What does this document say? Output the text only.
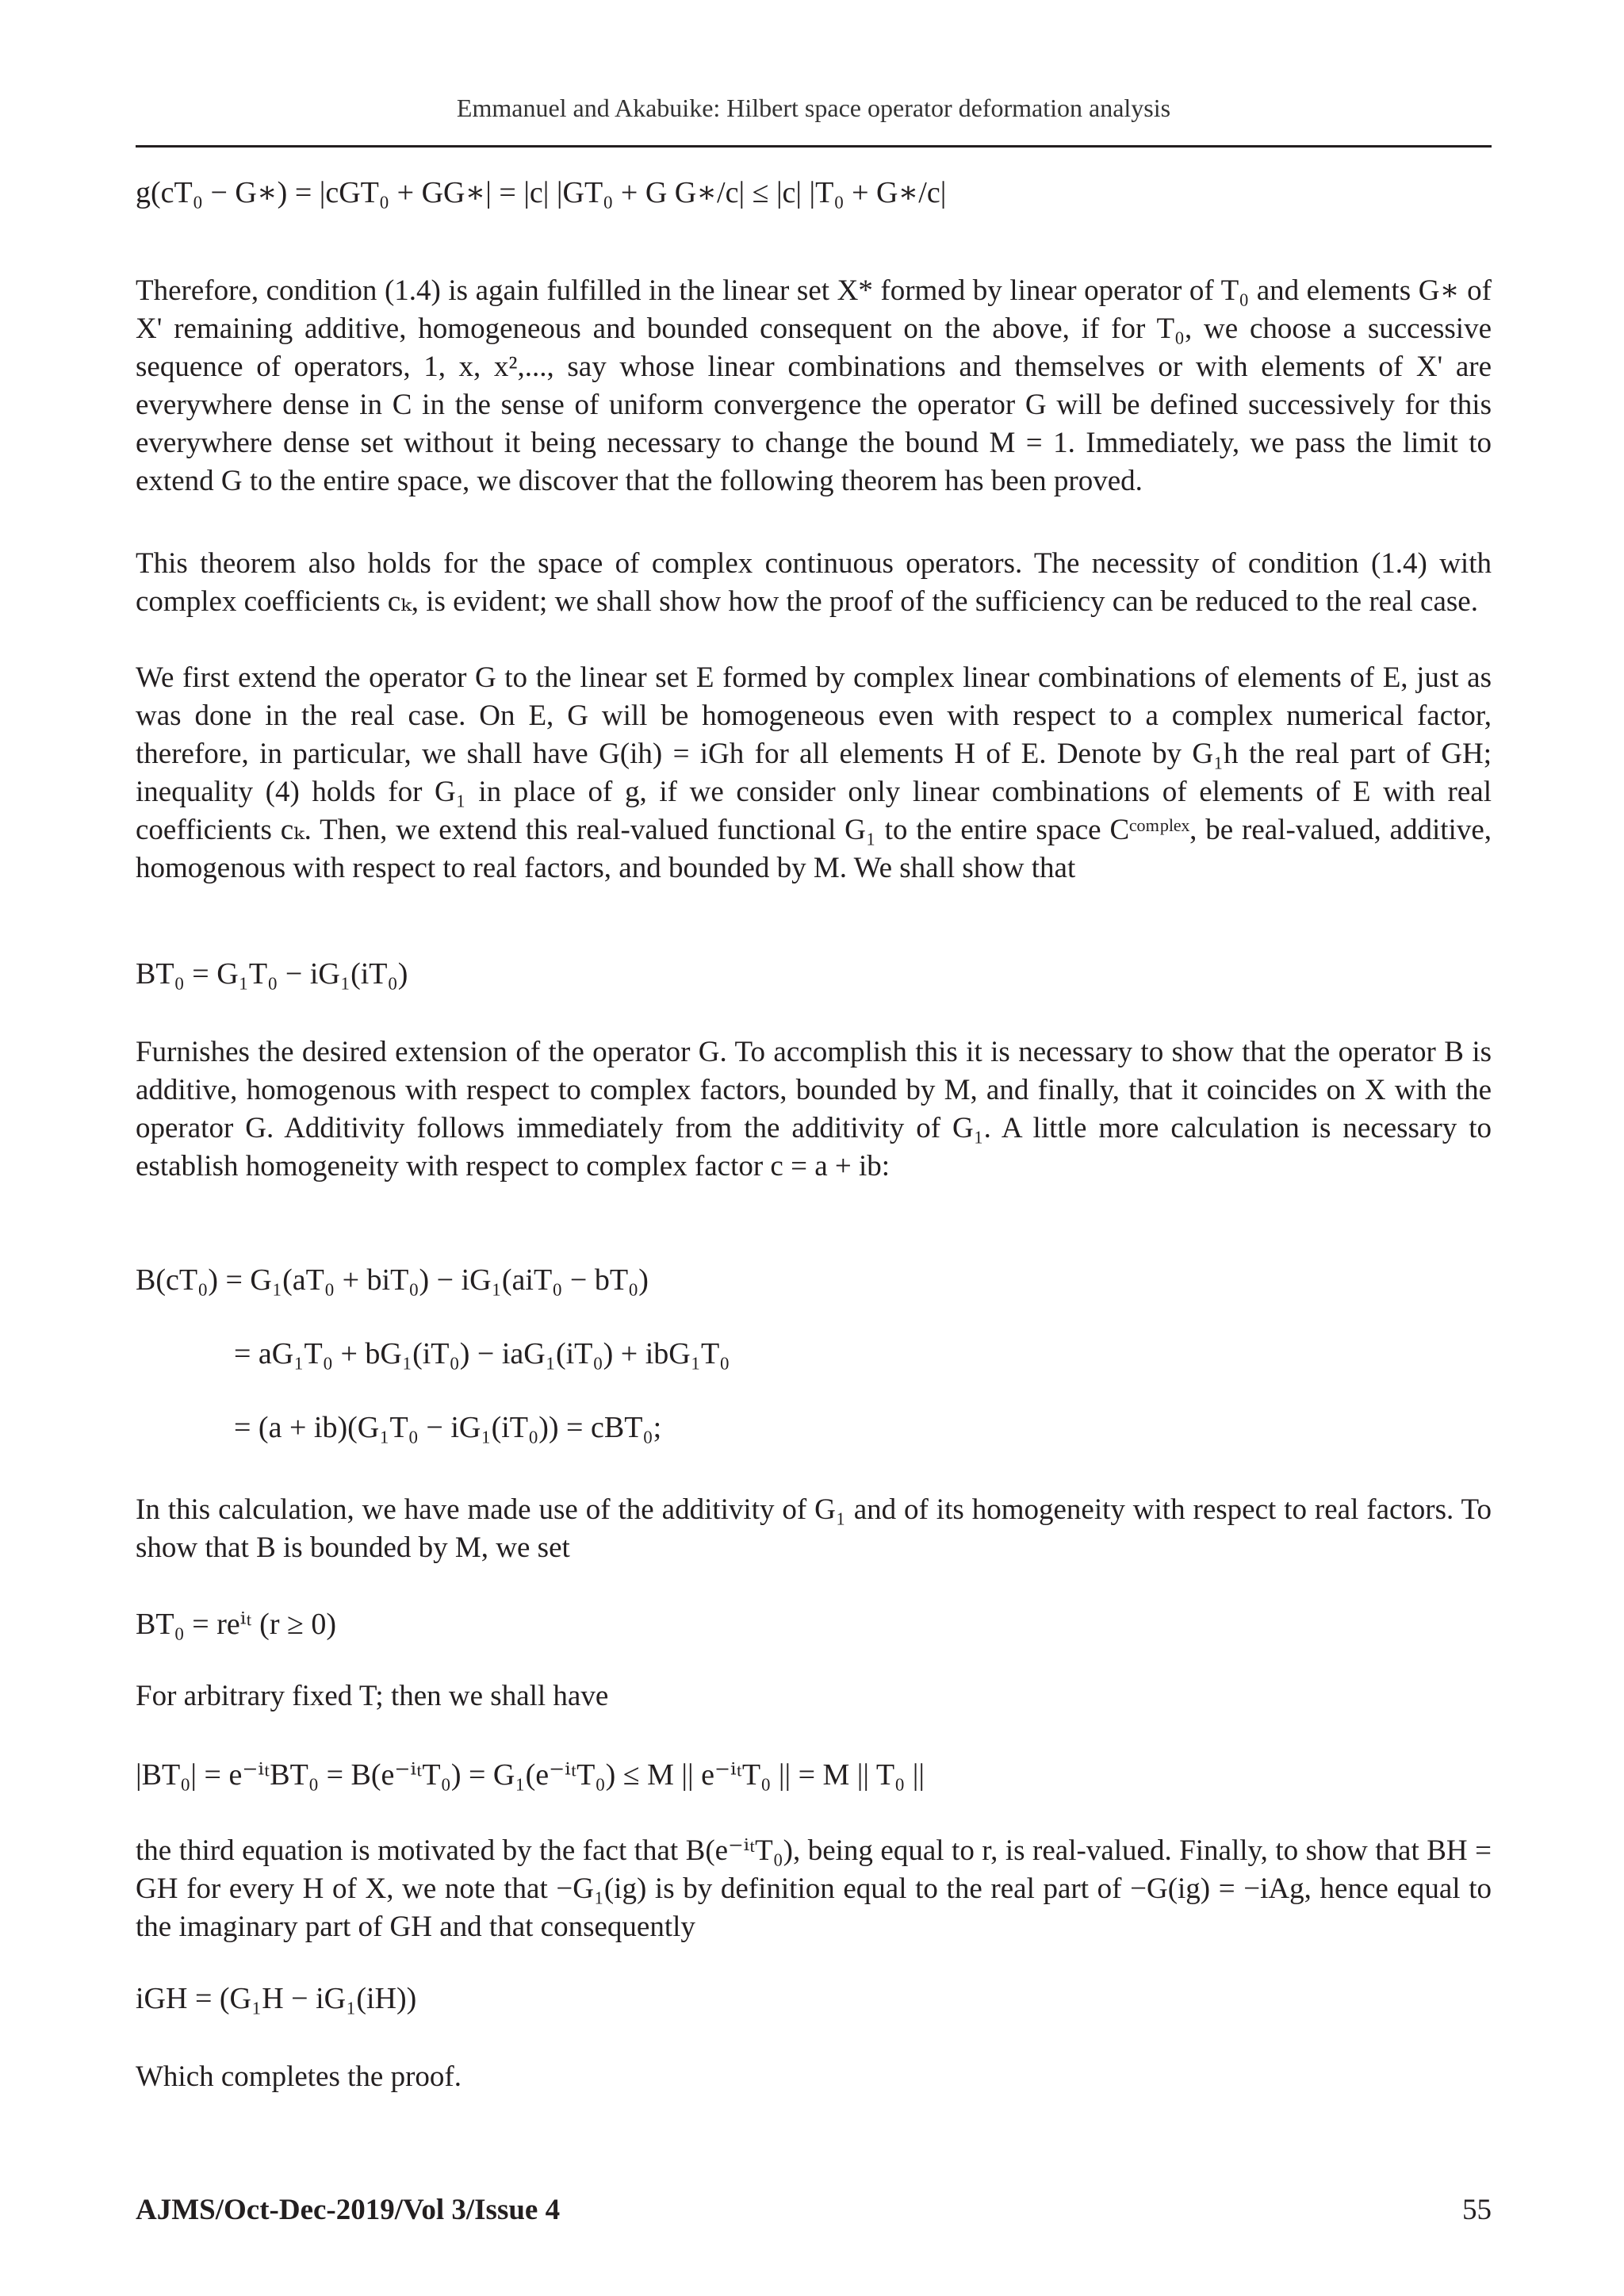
Emmanuel and Akabuike: Hilbert space operator deformation analysis
g(cT₀ − G∗) = |cGT₀ + GG∗| = |c| |GT₀ + G G∗/c| ≤ |c| |T₀ + G∗/c|

Therefore, condition (1.4) is again fulfilled in the linear set X* formed by linear operator of T₀ and elements G∗ of X' remaining additive, homogeneous and bounded consequent on the above, if for T₀, we choose a successive sequence of operators, 1, x, x²,..., say whose linear combinations and themselves or with elements of X' are everywhere dense in C in the sense of uniform convergence the operator G will be defined successively for this everywhere dense set without it being necessary to change the bound M = 1. Immediately, we pass the limit to extend G to the entire space, we discover that the following theorem has been proved.

This theorem also holds for the space of complex continuous operators. The necessity of condition (1.4) with complex coefficients cₖ, is evident; we shall show how the proof of the sufficiency can be reduced to the real case.

We first extend the operator G to the linear set E formed by complex linear combinations of elements of E, just as was done in the real case. On E, G will be homogeneous even with respect to a complex numerical factor, therefore, in particular, we shall have G(ih) = iGh for all elements H of E. Denote by G₁h the real part of GH; inequality (4) holds for G₁ in place of g, if we consider only linear combinations of elements of E with real coefficients cₖ. Then, we extend this real-valued functional G₁ to the entire space Cᶜᵒᵐᵖˡᵉˣ, be real-valued, additive, homogenous with respect to real factors, and bounded by M. We shall show that

BT₀ = G₁T₀ − iG₁(iT₀)

Furnishes the desired extension of the operator G. To accomplish this it is necessary to show that the operator B is additive, homogenous with respect to complex factors, bounded by M, and finally, that it coincides on X with the operator G. Additivity follows immediately from the additivity of G₁. A little more calculation is necessary to establish homogeneity with respect to complex factor c = a + ib:

B(cT₀) = G₁(aT₀ + biT₀) − iG₁(aiT₀ − bT₀)
= aG₁T₀ + bG₁(iT₀) − iaG₁(iT₀) + ibG₁T₀
= (a + ib)(G₁T₀ − iG₁(iT₀)) = cBT₀;

In this calculation, we have made use of the additivity of G₁ and of its homogeneity with respect to real factors. To show that B is bounded by M, we set

BT₀ = reⁱᵗ (r ≥ 0)

For arbitrary fixed T; then we shall have

|BT₀| = e⁻ⁱᵗBT₀ = B(e⁻ⁱᵗT₀) = G₁(e⁻ⁱᵗT₀) ≤ M || e⁻ⁱᵗT₀ || = M || T₀ ||

the third equation is motivated by the fact that B(e⁻ⁱᵗT₀), being equal to r, is real-valued. Finally, to show that BH = GH for every H of X, we note that −G₁(ig) is by definition equal to the real part of −G(ig) = −iAg, hence equal to the imaginary part of GH and that consequently

iGH = (G₁H − iG₁(iH))

Which completes the proof.

AJMS/Oct-Dec-2019/Vol 3/Issue 4	55
